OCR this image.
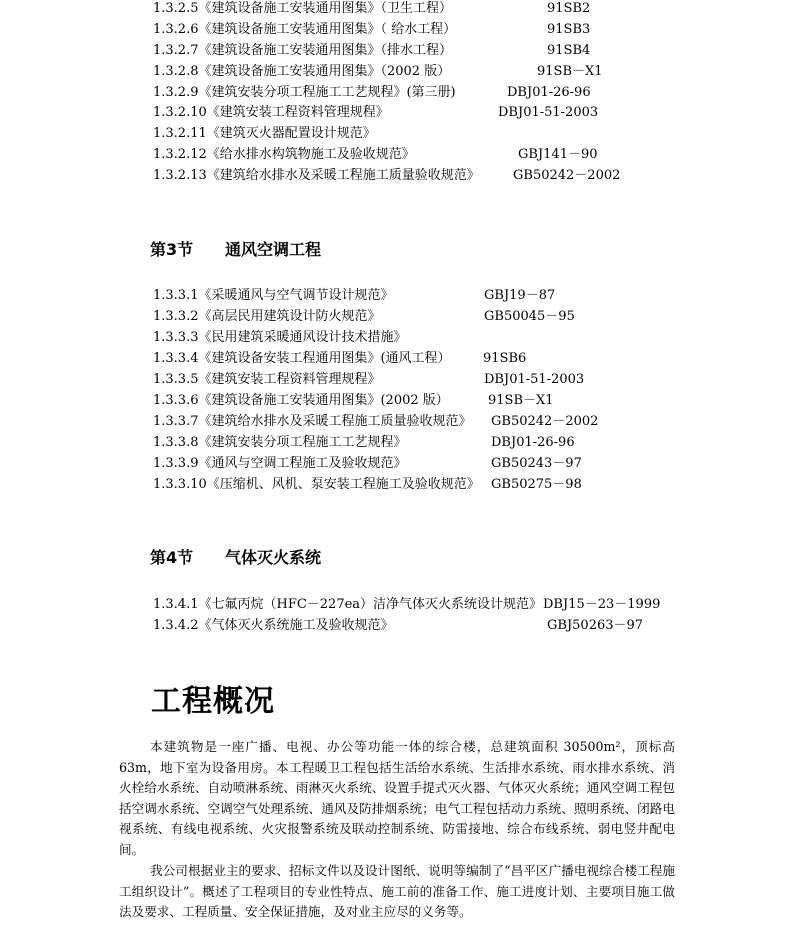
1.3.2.5《建筑设备施工安装通用图集》（卫生工程）	91SB2
1.3.2.6《建筑设备施工安装通用图集》（ 给水工程）	91SB3
1.3.2.7《建筑设备施工安装通用图集》（排水工程）	91SB4
1.3.2.8《建筑设备施工安装通用图集》（2002 版）	91SB－X1
1.3.2.9《建筑安装分项工程施工工艺规程》(第三册)	DBJ01-26-96
1.3.2.10《建筑安装工程资料管理规程》	DBJ01-51-2003
1.3.2.11《建筑灭火器配置设计规范》
1.3.2.12《给水排水构筑物施工及验收规范》	GBJ141－90
1.3.2.13《建筑给水排水及采暖工程施工质量验收规范》	GB50242－2002
第3节 通风空调工程
1.3.3.1《采暖通风与空气调节设计规范》	GBJ19－87
1.3.3.2《高层民用建筑设计防火规范》	GB50045－95
1.3.3.3《民用建筑采暖通风设计技术措施》
1.3.3.4《建筑设备安装工程通用图集》(通风工程） 91SB6
1.3.3.5《建筑安装工程资料管理规程》	DBJ01-51-2003
1.3.3.6《建筑设备施工安装通用图集》(2002 版）	91SB－X1
1.3.3.7《建筑给水排水及采暖工程施工质量验收规范》 GB50242－2002
1.3.3.8《建筑安装分项工程施工工艺规程》	DBJ01-26-96
1.3.3.9《通风与空调工程施工及验收规范》	GB50243－97
1.3.3.10《压缩机、风机、泵安装工程施工及验收规范》 GB50275－98
第4节 气体灭火系统
1.3.4.1《七氟丙烷（HFC－227ea）洁净气体灭火系统设计规范》 DBJ15－23－1999
1.3.4.2《气体灭火系统施工及验收规范》	GBJ50263－97
工程概况
本建筑物是一座广播、电视、办公等功能一体的综合楼，总建筑面积 30500m²，顶标高 63m，地下室为设备用房。本工程暖卫工程包括生活给水系统、生活排水系统、雨水排水系统、消火栓给水系统、自动喷淋系统、雨淋灭火系统、设置手提式灭火器、气体灭火系统；通风空调工程包括空调水系统、空调空气处理系统、通风及防排烟系统；电气工程包括动力系统、照明系统、闭路电视系统、有线电视系统、火灾报警系统及联动控制系统、防雷接地、综合布线系统、弱电竖井配电间。
我公司根据业主的要求、招标文件以及设计图纸、说明等编制了“昌平区广播电视综合楼工程施工组织设计”。概述了工程项目的专业性特点、施工前的准备工作、施工进度计划、主要项目施工做法及要求、工程质量、安全保证措施，及对业主应尽的义务等。
